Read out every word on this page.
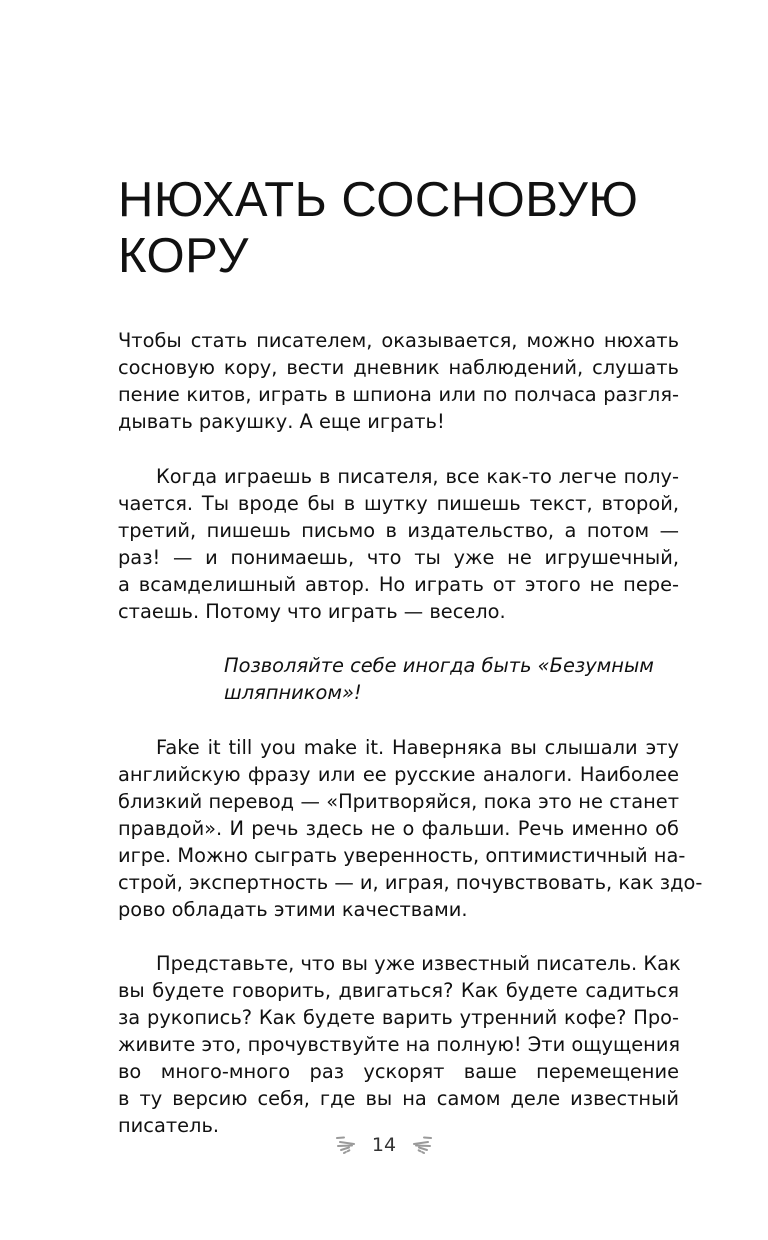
НЮХАТЬ СОСНОВУЮ
КОРУ
Чтобы стать писателем, оказывается, можно нюхать
сосновую кору, вести дневник наблюдений, слушать
пение китов, играть в шпиона или по полчаса разгля-
дывать ракушку. А еще играть!
Когда играешь в писателя, все как-то легче полу-
чается. Ты вроде бы в шутку пишешь текст, второй,
третий, пишешь письмо в издательство, а потом —
раз! — и понимаешь, что ты уже не игрушечный,
а всамделишный автор. Но играть от этого не пере-
стаешь. Потому что играть — весело.
Позволяйте себе иногда быть «Безумным
шляпником»!
Fake it till you make it. Наверняка вы слышали эту
английскую фразу или ее русские аналоги. Наиболее
близкий перевод — «Притворяйся, пока это не станет
правдой». И речь здесь не о фальши. Речь именно об
игре. Можно сыграть уверенность, оптимистичный на-
строй, экспертность — и, играя, почувствовать, как здо-
рово обладать этими качествами.
Представьте, что вы уже известный писатель. Как
вы будете говорить, двигаться? Как будете садиться
за рукопись? Как будете варить утренний кофе? Про-
живите это, прочувствуйте на полную! Эти ощущения
во много-много раз ускорят ваше перемещение
в ту версию себя, где вы на самом деле известный
писатель.
14
